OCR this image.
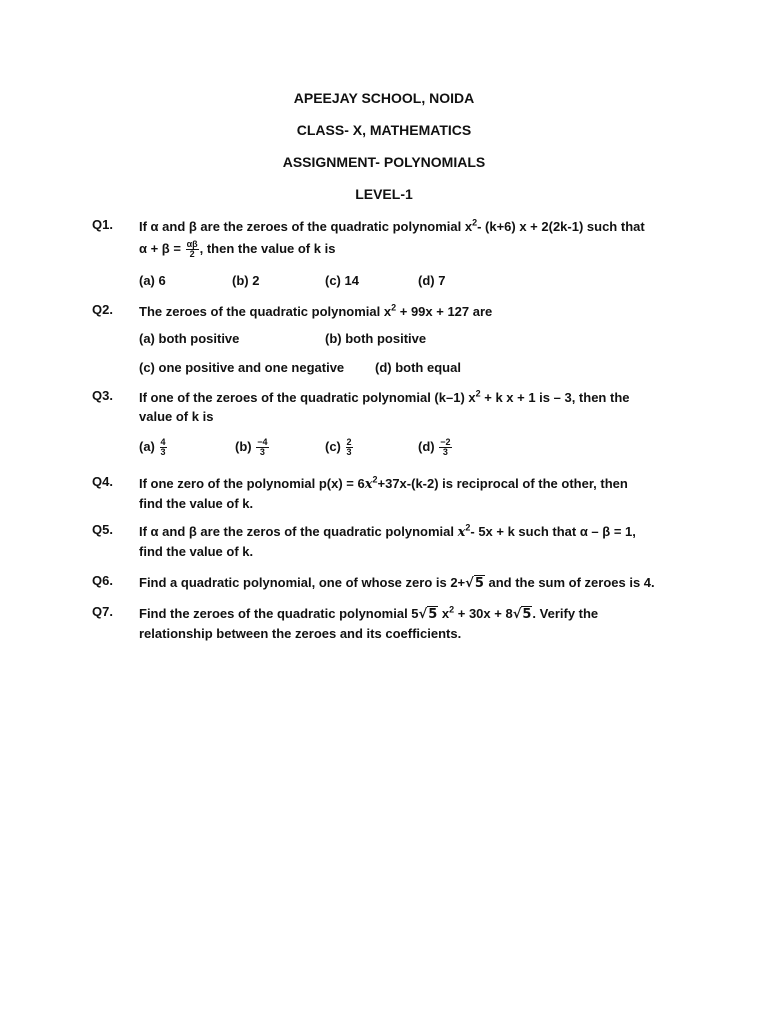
APEEJAY SCHOOL, NOIDA
CLASS- X, MATHEMATICS
ASSIGNMENT- POLYNOMIALS
LEVEL-1
Q1. If α and β are the zeroes of the quadratic polynomial $x^2-$ (k+6) x + 2(2k-1) such that
$\alpha + \beta = \frac{\alpha\beta}{2}$ , then the value of k is
(a) 6	(b) 2	(c) 14	(d) 7
Q2. The zeroes of the quadratic polynomial $x^2 + 99x + 127$ are
(a) both positive	(b) both positive
(c) one positive and one negative (d) both equal
Q3. If one of the zeroes of the quadratic polynomial (k–1) $x^2 + k$ x + 1 is – 3, then the
value of k is
$(a) \frac{4}{3}$	$(b) \frac{-4}{3}$	$(c) \frac{2}{3}$	$(d) \frac{-2}{3}$
Q4. If one zero of the polynomial $p(x) = 6x^2+37x-(k-2)$ is reciprocal of the other, then
find the value of k.
Q5. If α and β are the zeros of the quadratic polynomial $x^2-$ 5x + k such that α – β = 1,
find the value of k.
Q6. Find a quadratic polynomial, one of whose zero is 2+√5 and the sum of zeroes is 4.
Q7. Find the zeroes of the quadratic polynomial 5√5 $x^2 + 30x + 8√5$. Verify the
relationship between the zeroes and its coefficients.
